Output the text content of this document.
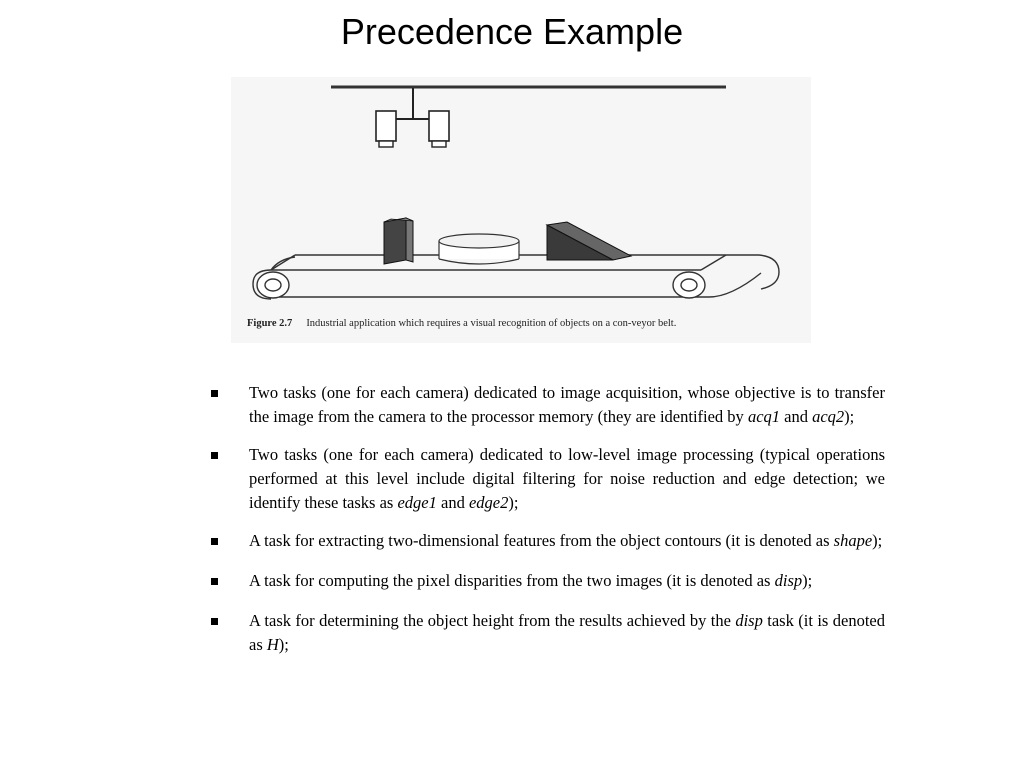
Precedence Example
Figure 2.7 Industrial application which requires a visual recognition of objects on a con-veyor belt.
Two tasks (one for each camera) dedicated to image acquisition, whose objective is to transfer the image from the camera to the processor memory (they are identified by acq1 and acq2);
Two tasks (one for each camera) dedicated to low-level image processing (typical operations performed at this level include digital filtering for noise reduction and edge detection; we identify these tasks as edge1 and edge2);
A task for extracting two-dimensional features from the object contours (it is denoted as shape);
A task for computing the pixel disparities from the two images (it is denoted as disp);
A task for determining the object height from the results achieved by the disp task (it is denoted as H);
